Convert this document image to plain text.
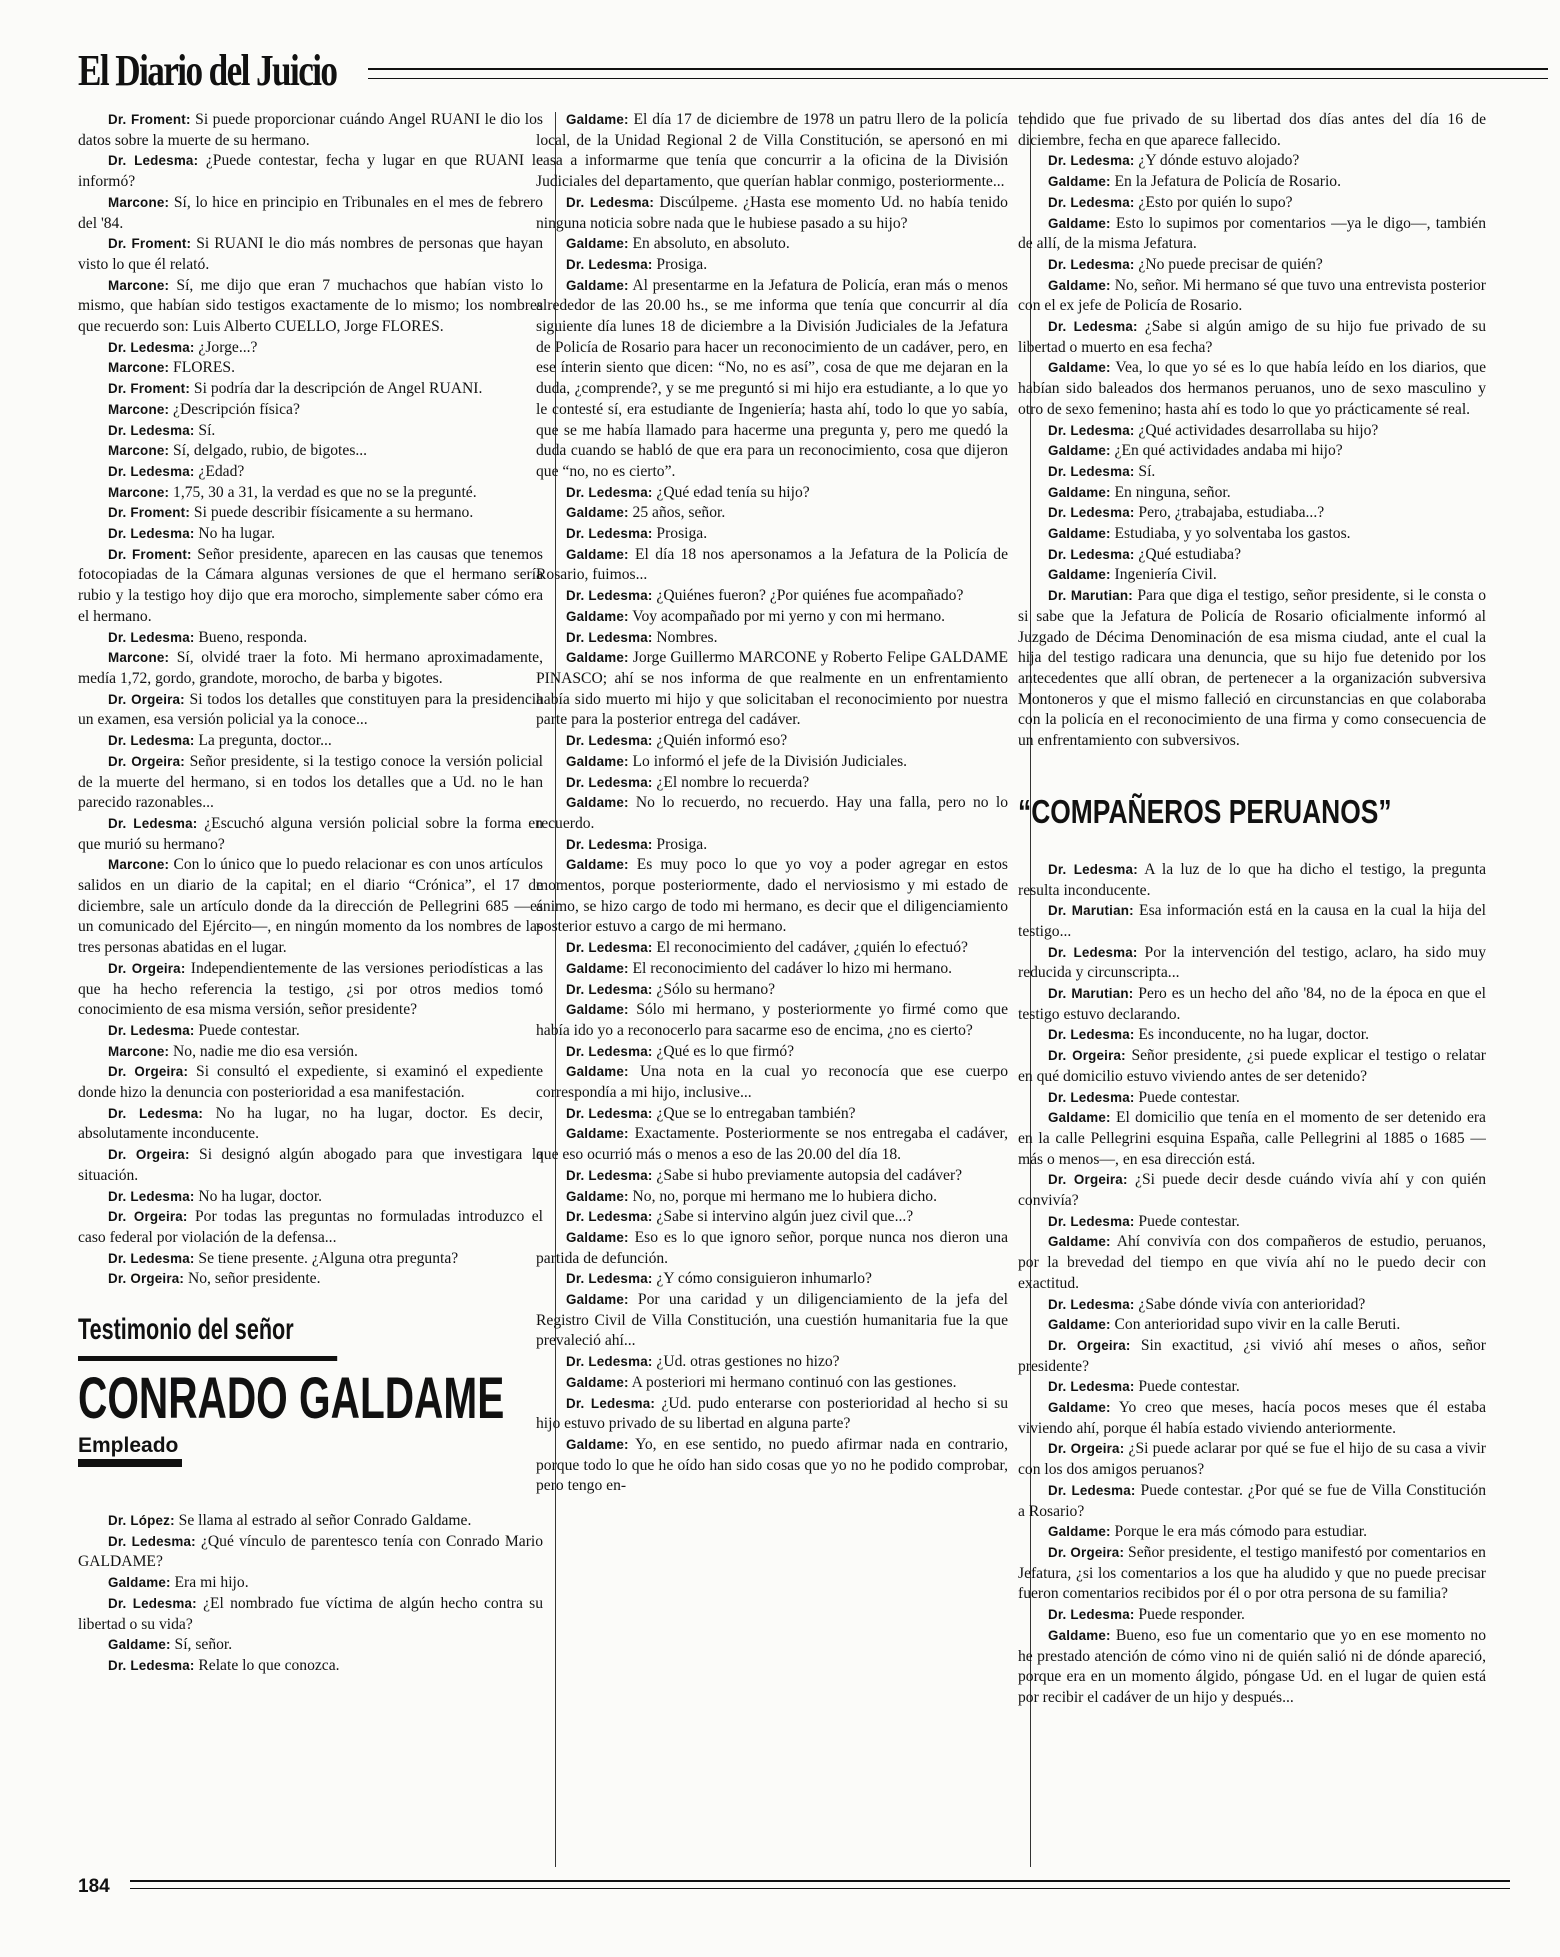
El Diario del Juicio

Dr. Froment: Si puede proporcionar cuándo Angel RUANI le dio los datos sobre la muerte de su hermano.

Dr. Ledesma: ¿Puede contestar, fecha y lugar en que RUANI le informó?

Marcone: Sí, lo hice en principio en Tribunales en el mes de febrero del '84.

Dr. Froment: Si RUANI le dio más nombres de personas que hayan visto lo que él relató.

Marcone: Sí, me dijo que eran 7 muchachos que habían visto lo mismo, que habían sido testigos exactamente de lo mismo; los nombres que recuerdo son: Luis Alberto CUELLO, Jorge FLORES.

Dr. Ledesma: ¿Jorge...?

Marcone: FLORES.

Dr. Froment: Si podría dar la descripción de Angel RUANI.

Marcone: ¿Descripción física?

Dr. Ledesma: Sí.

Marcone: Sí, delgado, rubio, de bigotes...

Dr. Ledesma: ¿Edad?

Marcone: 1,75, 30 a 31, la verdad es que no se la pregunté.

Dr. Froment: Si puede describir físicamente a su hermano.

Dr. Ledesma: No ha lugar.

Dr. Froment: Señor presidente, aparecen en las causas que tenemos fotocopiadas de la Cámara algunas versiones de que el hermano sería rubio y la testigo hoy dijo que era morocho, simplemente saber cómo era el hermano.

Dr. Ledesma: Bueno, responda.

Marcone: Sí, olvidé traer la foto. Mi hermano aproximadamente, medía 1,72, gordo, grandote, morocho, de barba y bigotes.

Dr. Orgeira: Si todos los detalles que constituyen para la presidencia un examen, esa versión policial ya la conoce...

Dr. Ledesma: La pregunta, doctor...

Dr. Orgeira: Señor presidente, si la testigo conoce la versión policial de la muerte del hermano, si en todos los detalles que a Ud. no le han parecido razonables...

Dr. Ledesma: ¿Escuchó alguna versión policial sobre la forma en que murió su hermano?

Marcone: Con lo único que lo puedo relacionar es con unos artículos salidos en un diario de la capital; en el diario “Crónica”, el 17 de diciembre, sale un artículo donde da la dirección de Pellegrini 685 —es un comunicado del Ejército—, en ningún momento da los nombres de las tres personas abatidas en el lugar.

Dr. Orgeira: Independientemente de las versiones periodísticas a las que ha hecho referencia la testigo, ¿si por otros medios tomó conocimiento de esa misma versión, señor presidente?

Dr. Ledesma: Puede contestar.

Marcone: No, nadie me dio esa versión.

Dr. Orgeira: Si consultó el expediente, si examinó el expediente donde hizo la denuncia con posterioridad a esa manifestación.

Dr. Ledesma: No ha lugar, no ha lugar, doctor. Es decir, absolutamente inconducente.

Dr. Orgeira: Si designó algún abogado para que investigara la situación.

Dr. Ledesma: No ha lugar, doctor.

Dr. Orgeira: Por todas las preguntas no formuladas introduzco el caso federal por violación de la defensa...

Dr. Ledesma: Se tiene presente. ¿Alguna otra pregunta?

Dr. Orgeira: No, señor presidente.

Testimonio del señor
CONRADO GALDAME
Empleado

Dr. López: Se llama al estrado al señor Conrado Galdame.

Dr. Ledesma: ¿Qué vínculo de parentesco tenía con Conrado Mario GALDAME?

Galdame: Era mi hijo.

Dr. Ledesma: ¿El nombrado fue víctima de algún hecho contra su libertad o su vida?

Galdame: Sí, señor.

Dr. Ledesma: Relate lo que conozca.

Galdame: El día 17 de diciembre de 1978 un patru llero de la policía local, de la Unidad Regional 2 de Villa Constitución, se apersonó en mi casa a informarme que tenía que concurrir a la oficina de la División Judiciales del departamento, que querían hablar conmigo, posteriormente...

Dr. Ledesma: Discúlpeme. ¿Hasta ese momento Ud. no había tenido ninguna noticia sobre nada que le hubiese pasado a su hijo?

Galdame: En absoluto, en absoluto.

Dr. Ledesma: Prosiga.

Galdame: Al presentarme en la Jefatura de Policía, eran más o menos alrededor de las 20.00 hs., se me informa que tenía que concurrir al día siguiente día lunes 18 de diciembre a la División Judiciales de la Jefatura de Policía de Rosario para hacer un reconocimiento de un cadáver, pero, en ese ínterin siento que dicen: “No, no es así”, cosa de que me dejaran en la duda, ¿comprende?, y se me preguntó si mi hijo era estudiante, a lo que yo le contesté sí, era estudiante de Ingeniería; hasta ahí, todo lo que yo sabía, que se me había llamado para hacerme una pregunta y, pero me quedó la duda cuando se habló de que era para un reconocimiento, cosa que dijeron que “no, no es cierto”.

Dr. Ledesma: ¿Qué edad tenía su hijo?

Galdame: 25 años, señor.

Dr. Ledesma: Prosiga.

Galdame: El día 18 nos apersonamos a la Jefatura de la Policía de Rosario, fuimos...

Dr. Ledesma: ¿Quiénes fueron? ¿Por quiénes fue acompañado?

Galdame: Voy acompañado por mi yerno y con mi hermano.

Dr. Ledesma: Nombres.

Galdame: Jorge Guillermo MARCONE y Roberto Felipe GALDAME PINASCO; ahí se nos informa de que realmente en un enfrentamiento había sido muerto mi hijo y que solicitaban el reconocimiento por nuestra parte para la posterior entrega del cadáver.

Dr. Ledesma: ¿Quién informó eso?

Galdame: Lo informó el jefe de la División Judiciales.

Dr. Ledesma: ¿El nombre lo recuerda?

Galdame: No lo recuerdo, no recuerdo. Hay una falla, pero no lo recuerdo.

Dr. Ledesma: Prosiga.

Galdame: Es muy poco lo que yo voy a poder agregar en estos momentos, porque posteriormente, dado el nerviosismo y mi estado de ánimo, se hizo cargo de todo mi hermano, es decir que el diligenciamiento posterior estuvo a cargo de mi hermano.

Dr. Ledesma: El reconocimiento del cadáver, ¿quién lo efectuó?

Galdame: El reconocimiento del cadáver lo hizo mi hermano.

Dr. Ledesma: ¿Sólo su hermano?

Galdame: Sólo mi hermano, y posteriormente yo firmé como que había ido yo a reconocerlo para sacarme eso de encima, ¿no es cierto?

Dr. Ledesma: ¿Qué es lo que firmó?

Galdame: Una nota en la cual yo reconocía que ese cuerpo correspondía a mi hijo, inclusive...

Dr. Ledesma: ¿Que se lo entregaban también?

Galdame: Exactamente. Posteriormente se nos entregaba el cadáver, que eso ocurrió más o menos a eso de las 20.00 del día 18.

Dr. Ledesma: ¿Sabe si hubo previamente autopsia del cadáver?

Galdame: No, no, porque mi hermano me lo hubiera dicho.

Dr. Ledesma: ¿Sabe si intervino algún juez civil que...?

Galdame: Eso es lo que ignoro señor, porque nunca nos dieron una partida de defunción.

Dr. Ledesma: ¿Y cómo consiguieron inhumarlo?

Galdame: Por una caridad y un diligenciamiento de la jefa del Registro Civil de Villa Constitución, una cuestión humanitaria fue la que prevaleció ahí...

Dr. Ledesma: ¿Ud. otras gestiones no hizo?

Galdame: A posteriori mi hermano continuó con las gestiones.

Dr. Ledesma: ¿Ud. pudo enterarse con posterioridad al hecho si su hijo estuvo privado de su libertad en alguna parte?

Galdame: Yo, en ese sentido, no puedo afirmar nada en contrario, porque todo lo que he oído han sido cosas que yo no he podido comprobar, pero tengo en-

tendido que fue privado de su libertad dos días antes del día 16 de diciembre, fecha en que aparece fallecido.

Dr. Ledesma: ¿Y dónde estuvo alojado?

Galdame: En la Jefatura de Policía de Rosario.

Dr. Ledesma: ¿Esto por quién lo supo?

Galdame: Esto lo supimos por comentarios —ya le digo—, también de allí, de la misma Jefatura.

Dr. Ledesma: ¿No puede precisar de quién?

Galdame: No, señor. Mi hermano sé que tuvo una entrevista posterior con el ex jefe de Policía de Rosario.

Dr. Ledesma: ¿Sabe si algún amigo de su hijo fue privado de su libertad o muerto en esa fecha?

Galdame: Vea, lo que yo sé es lo que había leído en los diarios, que habían sido baleados dos hermanos peruanos, uno de sexo masculino y otro de sexo femenino; hasta ahí es todo lo que yo prácticamente sé real.

Dr. Ledesma: ¿Qué actividades desarrollaba su hijo?

Galdame: ¿En qué actividades andaba mi hijo?

Dr. Ledesma: Sí.

Galdame: En ninguna, señor.

Dr. Ledesma: Pero, ¿trabajaba, estudiaba...?

Galdame: Estudiaba, y yo solventaba los gastos.

Dr. Ledesma: ¿Qué estudiaba?

Galdame: Ingeniería Civil.

Dr. Marutian: Para que diga el testigo, señor presidente, si le consta o si sabe que la Jefatura de Policía de Rosario oficialmente informó al Juzgado de Décima Denominación de esa misma ciudad, ante el cual la hija del testigo radicara una denuncia, que su hijo fue detenido por los antecedentes que allí obran, de pertenecer a la organización subversiva Montoneros y que el mismo falleció en circunstancias en que colaboraba con la policía en el reconocimiento de una firma y como consecuencia de un enfrentamiento con subversivos.

“COMPAÑEROS PERUANOS”

Dr. Ledesma: A la luz de lo que ha dicho el testigo, la pregunta resulta inconducente.

Dr. Marutian: Esa información está en la causa en la cual la hija del testigo...

Dr. Ledesma: Por la intervención del testigo, aclaro, ha sido muy reducida y circunscripta...

Dr. Marutian: Pero es un hecho del año '84, no de la época en que el testigo estuvo declarando.

Dr. Ledesma: Es inconducente, no ha lugar, doctor.

Dr. Orgeira: Señor presidente, ¿si puede explicar el testigo o relatar en qué domicilio estuvo viviendo antes de ser detenido?

Dr. Ledesma: Puede contestar.

Galdame: El domicilio que tenía en el momento de ser detenido era en la calle Pellegrini esquina España, calle Pellegrini al 1885 o 1685 —más o menos—, en esa dirección está.

Dr. Orgeira: ¿Si puede decir desde cuándo vivía ahí y con quién convivía?

Dr. Ledesma: Puede contestar.

Galdame: Ahí convivía con dos compañeros de estudio, peruanos, por la brevedad del tiempo en que vivía ahí no le puedo decir con exactitud.

Dr. Ledesma: ¿Sabe dónde vivía con anterioridad?

Galdame: Con anterioridad supo vivir en la calle Beruti.

Dr. Orgeira: Sin exactitud, ¿si vivió ahí meses o años, señor presidente?

Dr. Ledesma: Puede contestar.

Galdame: Yo creo que meses, hacía pocos meses que él estaba viviendo ahí, porque él había estado viviendo anteriormente.

Dr. Orgeira: ¿Si puede aclarar por qué se fue el hijo de su casa a vivir con los dos amigos peruanos?

Dr. Ledesma: Puede contestar. ¿Por qué se fue de Villa Constitución a Rosario?

Galdame: Porque le era más cómodo para estudiar.

Dr. Orgeira: Señor presidente, el testigo manifestó por comentarios en Jefatura, ¿si los comentarios a los que ha aludido y que no puede precisar fueron comentarios recibidos por él o por otra persona de su familia?

Dr. Ledesma: Puede responder.

Galdame: Bueno, eso fue un comentario que yo en ese momento no he prestado atención de cómo vino ni de quién salió ni de dónde apareció, porque era en un momento álgido, póngase Ud. en el lugar de quien está por recibir el cadáver de un hijo y después...

184
